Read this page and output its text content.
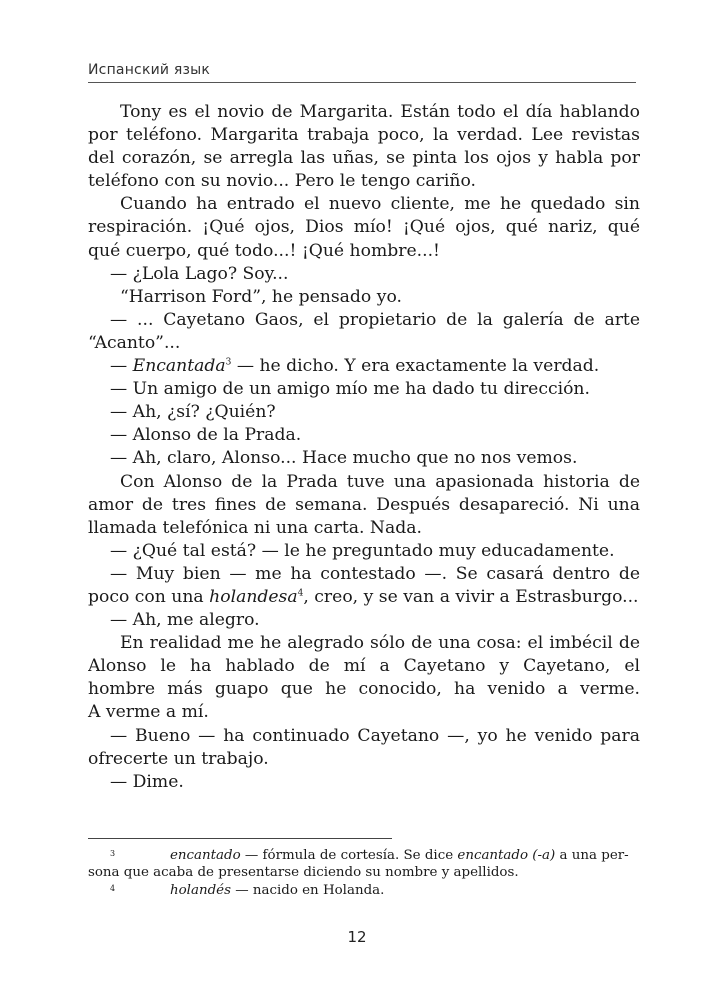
Испанский язык
Tony es el novio de Margarita. Están todo el día hablando
por teléfono. Margarita trabaja poco, la verdad. Lee revistas
del corazón, se arregla las uñas, se pinta los ojos y habla por
teléfono con su novio... Pero le tengo cariño.
Cuando ha entrado el nuevo cliente, me he quedado sin
respiración. ¡Qué ojos, Dios mío! ¡Qué ojos, qué nariz, qué
qué cuerpo, qué todo...! ¡Qué hombre...!
— ¿Lola Lago? Soy...
“Harrison Ford”, he pensado yo.
— ... Cayetano Gaos, el propietario de la galería de arte
“Acanto”...
— Encantada$^3$ — he dicho. Y era exactamente la verdad.
— Un amigo de un amigo mío me ha dado tu dirección.
— Ah, ¿sí? ¿Quién?
— Alonso de la Prada.
— Ah, claro, Alonso... Hace mucho que no nos vemos.
Con Alonso de la Prada tuve una apasionada historia de
amor de tres fines de semana. Después desapareció. Ni una
llamada telefónica ni una carta. Nada.
— ¿Qué tal está? — le he preguntado muy educadamente.
— Muy bien — me ha contestado —. Se casará dentro de
poco con una holandesa$^4$, creo, y se van a vivir a Estrasburgo...
— Ah, me alegro.
En realidad me he alegrado sólo de una cosa: el imbécil de
Alonso le ha hablado de mí a Cayetano y Cayetano, el
hombre más guapo que he conocido, ha venido a verme.
A verme a mí.
— Bueno — ha continuado Cayetano —, yo he venido para
ofrecerte un trabajo.
— Dime.
3	encantado — fórmula de cortesía. Se dice encantado (-a) a una per-
sona que acaba de presentarse diciendo su nombre y apellidos.
4	holandés — nacido en Holanda.
12
